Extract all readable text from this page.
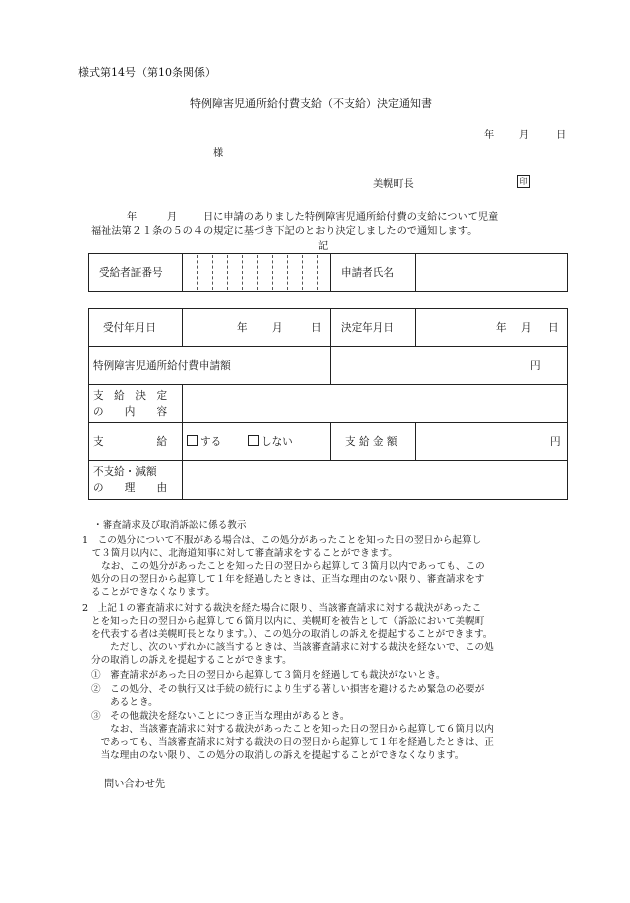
様式第14号（第10条関係）
特例障害児通所給付費支給（不支給）決定通知書
年 月	日
様
美幌町長	印
年	月	日に申請のありました特例障害児通所給付費の支給について児童
福祉法第２１条の５の４の規定に基づき下記のとおり決定しましたので通知します。
記
受給者証番号	申請者氏名
受付年月日	年 月	日 決定年月日	年 月 日
特例障害児通所給付費申請額	円
支　給　決　定
の　　内　　容
支　　　　　給	する	しない	支 給 金 額	円
不支給・減額
の　　理　　由
・審査請求及び取消訴訟に係る教示
1　この処分について不服がある場合は、この処分があったことを知った日の翌日から起算し
　て３箇月以内に、北海道知事に対して審査請求をすることができます。
　　なお、この処分があったことを知った日の翌日から起算して３箇月以内であっても、この
処分の日の翌日から起算して１年を経過したときは、正当な理由のない限り、審査請求をす
ることができなくなります。
2　上記１の審査請求に対する裁決を経た場合に限り、当該審査請求に対する裁決があったこ
とを知った日の翌日から起算して６箇月以内に、美幌町を被告として（訴訟において美幌町
を代表する者は美幌町長となります。）、この処分の取消しの訴えを提起することができます。
　　ただし、次のいずれかに該当するときは、当該審査請求に対する裁決を経ないで、この処
分の取消しの訴えを提起することができます。
①　審査請求があった日の翌日から起算して３箇月を経過しても裁決がないとき。
②　この処分、その執行又は手続の続行により生ずる著しい損害を避けるため緊急の必要が
　　あるとき。
③　その他裁決を経ないことにつき正当な理由があるとき。
　　なお、当該審査請求に対する裁決があったことを知った日の翌日から起算して６箇月以内
　であっても、当該審査請求に対する裁決の日の翌日から起算して１年を経過したときは、正
　当な理由のない限り、この処分の取消しの訴えを提起することができなくなります。
問い合わせ先
